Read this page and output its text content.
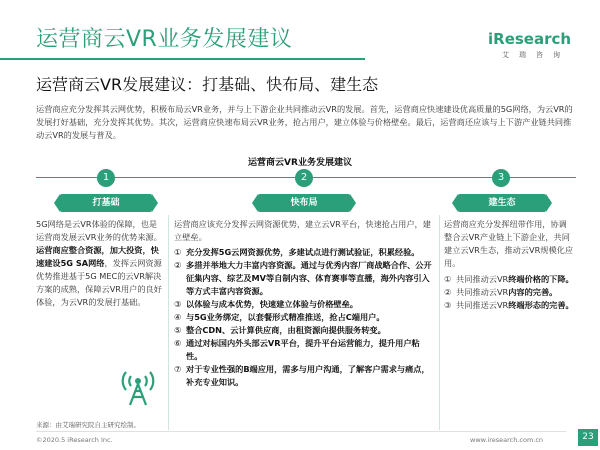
运营商云VR业务发展建议
运营商云VR发展建议：打基础、快布局、建生态
iResearch
艾瑞咨询
运营商应充分发挥其云网优势，积极布局云VR业务，并与上下游企业共同推动云VR的发展。首先，运营商应快速建设优高质量的5G网络，为云VR的发展打好基础，充分发挥其优势。其次，运营商应快速布局云VR业务，抢占用户，建立体验与价格壁垒。最后，运营商还应该与上下游产业链共同推动云VR的发展与普及。
运营商云VR业务发展建议
1
打基础
5G网络是云VR体验的保障，也是运营商发展云VR业务的优势来源。运营商应整合资源，加大投资，快速建设5G SA网络，发挥云网资源优势推进基于5G MEC的云VR解决方案的成熟，保障云VR用户的良好体验，为云VR的发展打基础。
2
快布局
运营商应该充分发挥云网资源优势，建立云VR平台，快速抢占用户，建立壁垒。
① 充分发挥5G云网资源优势，多建试点进行测试验证，积累经验。
② 多措并举地大力丰富内容资源。通过与优秀内容厂商战略合作、公开征集内容、综艺及MV等自制内容、体育赛事等直播，海外内容引入等方式丰富内容资源。
③ 以体验与成本优势，快速建立体验与价格壁垒。
④ 与5G业务绑定，以套餐形式精准推送，抢占C端用户。
⑤ 整合CDN、云计算供应商，由租资源向提供服务转变。
⑥ 通过对标国内外头部云VR平台，提升平台运营能力，提升用户粘性。
⑦ 对于专业性强的B端应用，需多与用户沟通，了解客户需求与痛点，补充专业知识。
3
建生态
运营商应充分发挥纽带作用，协调整合云VR产业链上下游企业，共同建立云VR生态，推动云VR规模化应用。
① 共同推动云VR终端价格的下降。
② 共同推动云VR内容的完善。
③ 共同推送云VR终端形态的完善。
来源：由艾瑞研究院自主研究绘制。
©2020.5 iResearch Inc.	www.iresearch.com.cn	23
